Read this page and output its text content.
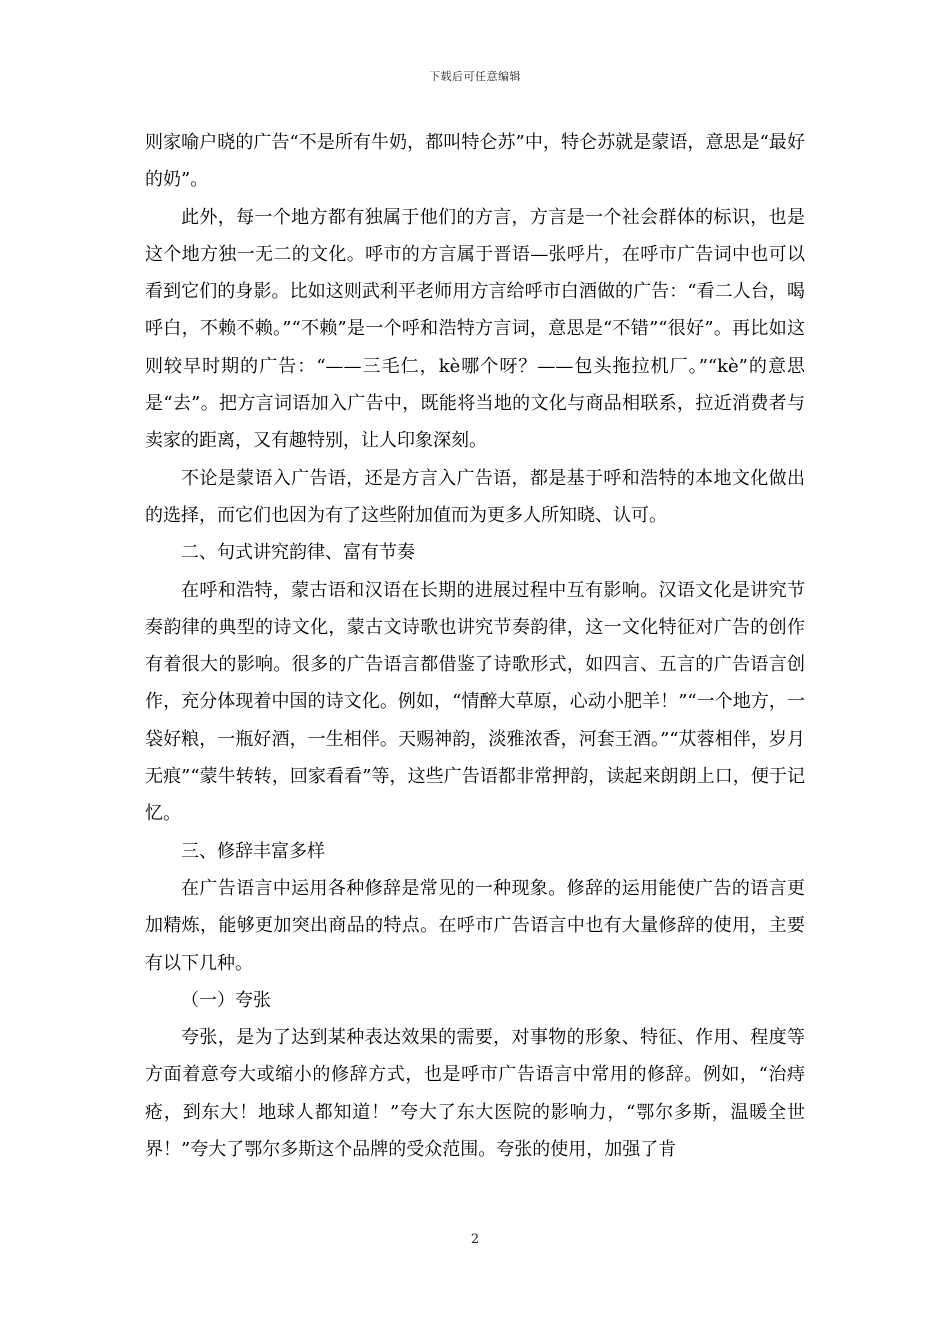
下载后可任意编辑

则家喻户晓的广告“不是所有牛奶，都叫特仑苏”中，特仑苏就是蒙语，意思是“最好的奶”。

此外，每一个地方都有独属于他们的方言，方言是一个社会群体的标识，也是这个地方独一无二的文化。呼市的方言属于晋语—张呼片，在呼市广告词中也可以看到它们的身影。比如这则武利平老师用方言给呼市白酒做的广告：“看二人台，喝呼白，不赖不赖。”“不赖”是一个呼和浩特方言词，意思是“不错”“很好”。再比如这则较早时期的广告：“——三毛仁，kè哪个呀？——包头拖拉机厂。”“kè”的意思是“去”。把方言词语加入广告中，既能将当地的文化与商品相联系，拉近消费者与卖家的距离，又有趣特别，让人印象深刻。

不论是蒙语入广告语，还是方言入广告语，都是基于呼和浩特的本地文化做出的选择，而它们也因为有了这些附加值而为更多人所知晓、认可。

二、句式讲究韵律、富有节奏

在呼和浩特，蒙古语和汉语在长期的进展过程中互有影响。汉语文化是讲究节奏韵律的典型的诗文化，蒙古文诗歌也讲究节奏韵律，这一文化特征对广告的创作有着很大的影响。很多的广告语言都借鉴了诗歌形式，如四言、五言的广告语言创作，充分体现着中国的诗文化。例如，“情醉大草原，心动小肥羊！”“一个地方，一袋好粮，一瓶好酒，一生相伴。天赐神韵，淡雅浓香，河套王酒。”“苁蓉相伴，岁月无痕”“蒙牛转转，回家看看”等，这些广告语都非常押韵，读起来朗朗上口，便于记忆。

三、修辞丰富多样

在广告语言中运用各种修辞是常见的一种现象。修辞的运用能使广告的语言更加精炼，能够更加突出商品的特点。在呼市广告语言中也有大量修辞的使用，主要有以下几种。

（一）夸张

夸张，是为了达到某种表达效果的需要，对事物的形象、特征、作用、程度等方面着意夸大或缩小的修辞方式，也是呼市广告语言中常用的修辞。例如，“治痔疮，到东大！地球人都知道！”夸大了东大医院的影响力，“鄂尔多斯，温暖全世界！”夸大了鄂尔多斯这个品牌的受众范围。夸张的使用，加强了肯

2
